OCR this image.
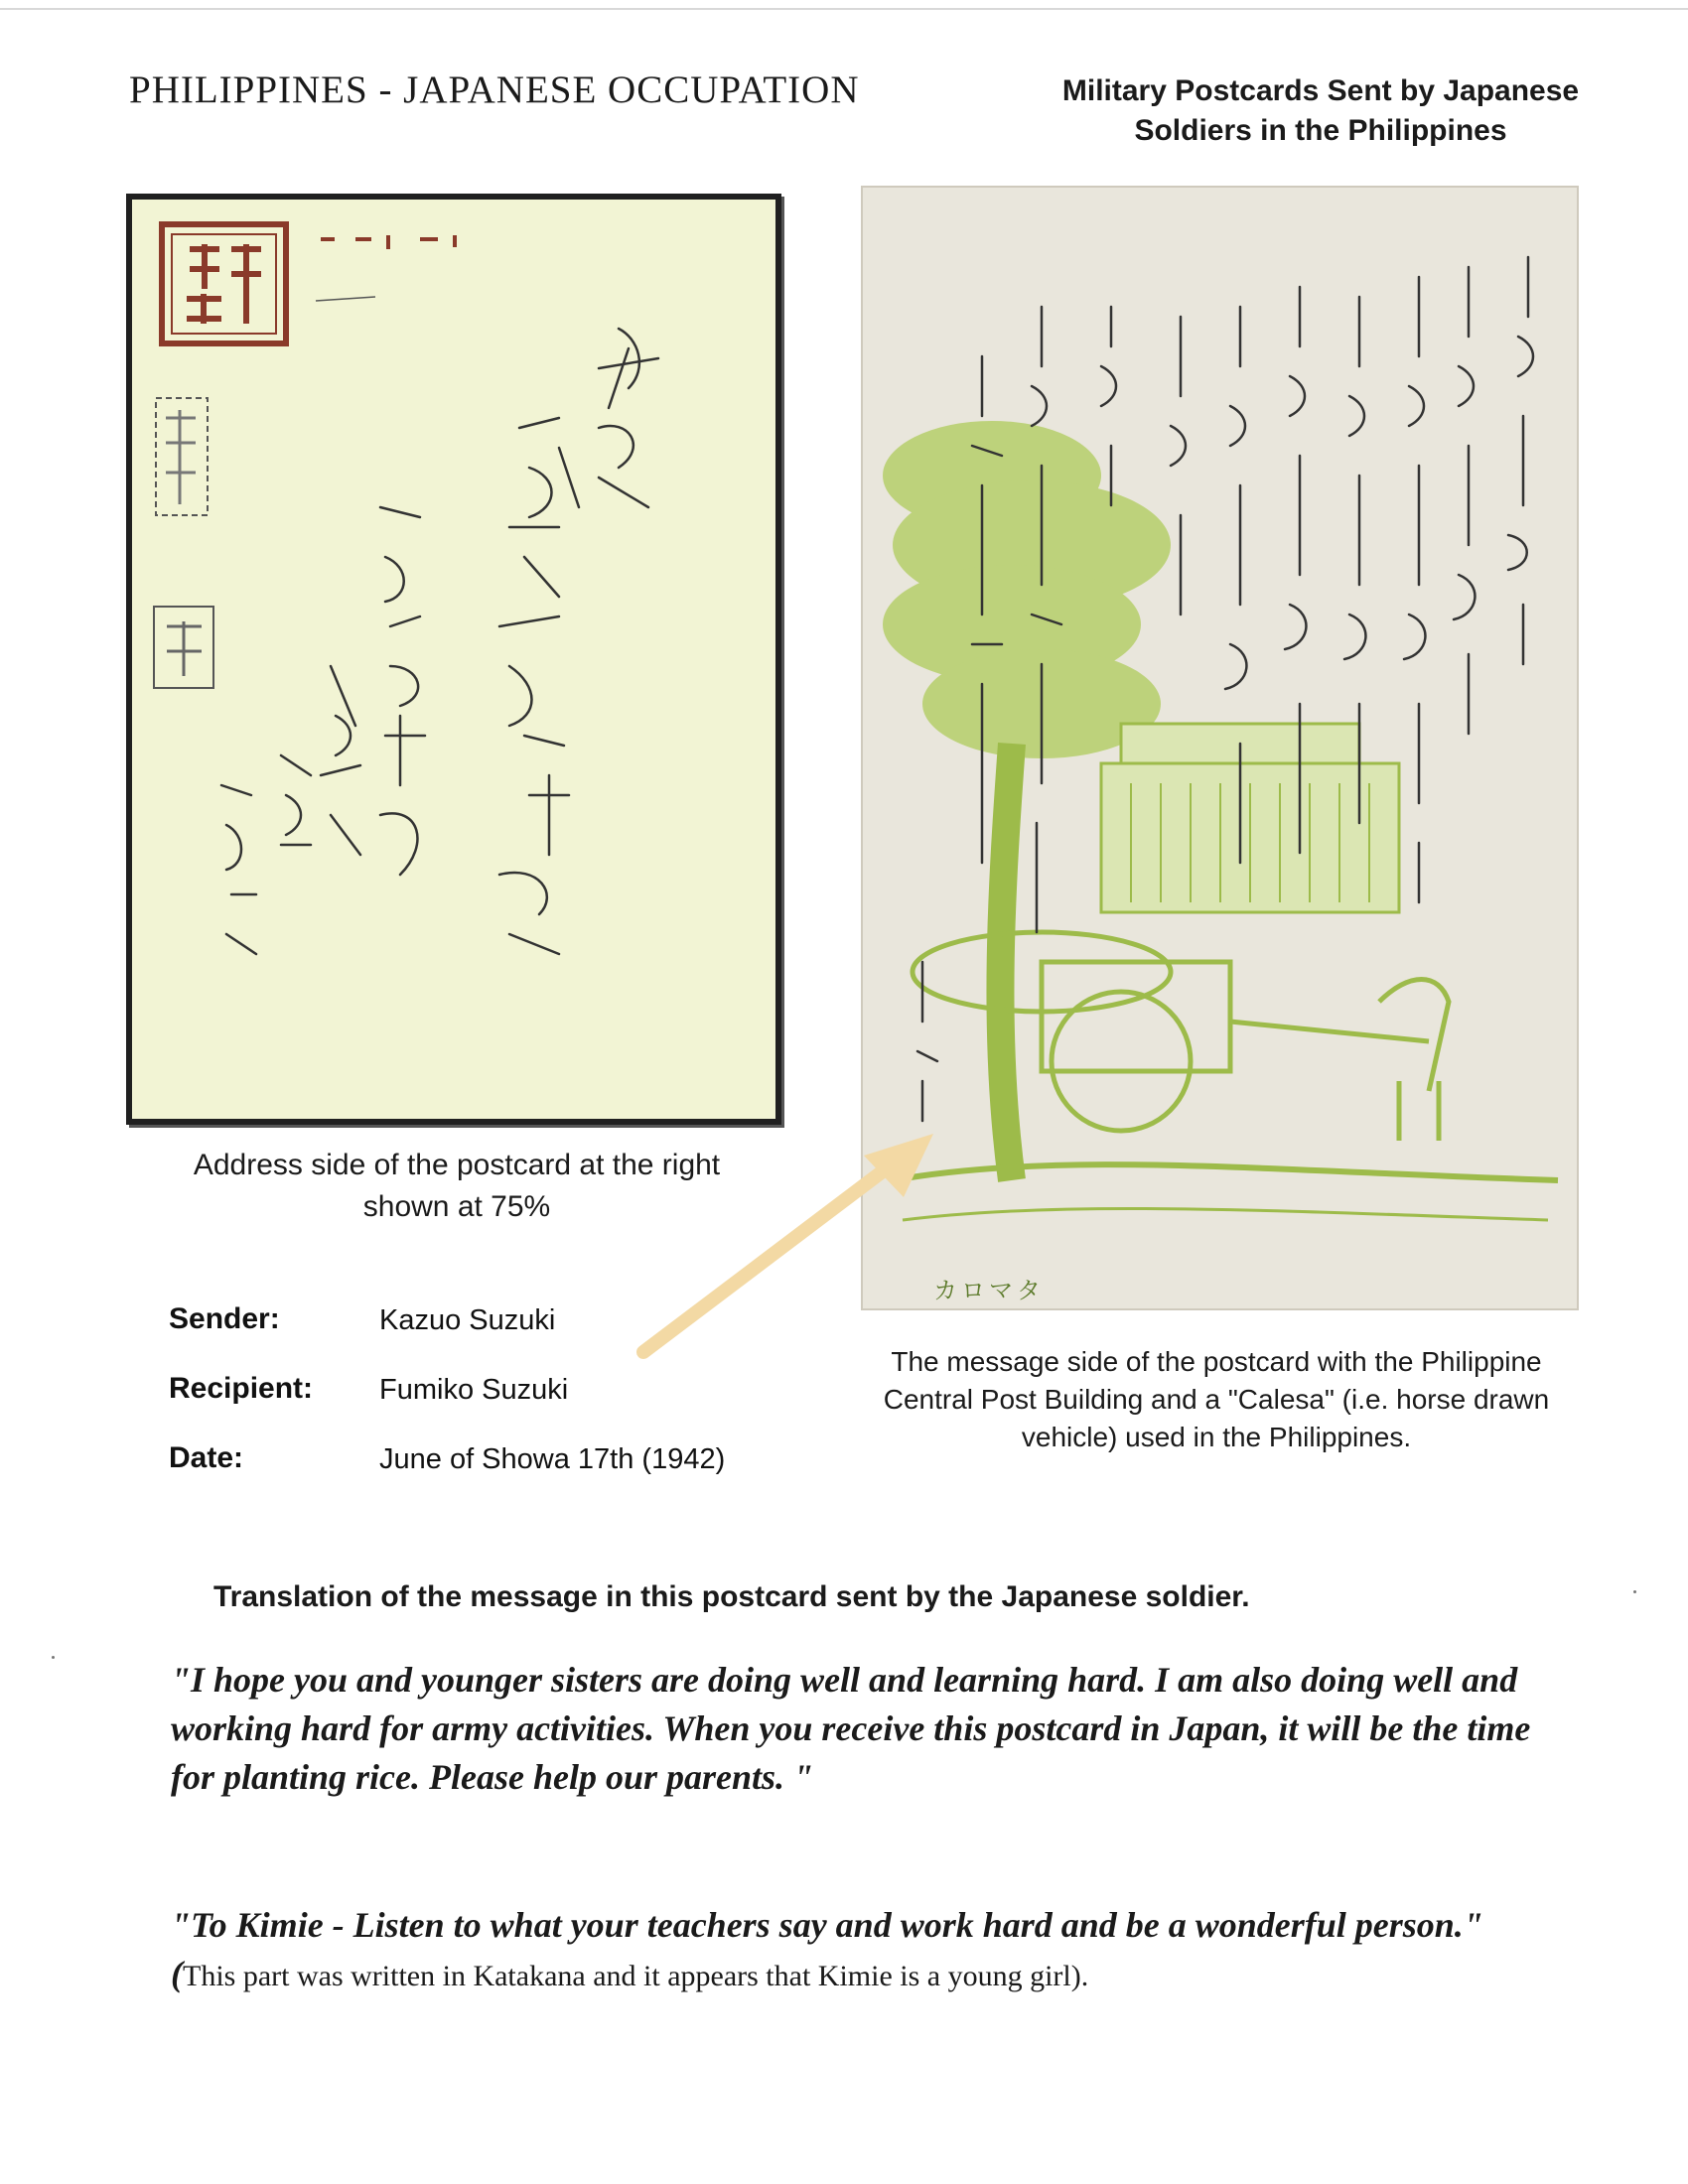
PHILIPPINES - JAPANESE OCCUPATION	Military Postcards Sent by Japanese
Soldiers in the Philippines
Address side of the postcard at the right
shown at 75%
カロマタ
The message side of the postcard with the Philippine
Central Post Building and a "Calesa" (i.e. horse drawn
vehicle) used in the Philippines.
Sender:	Kazuo Suzuki
Recipient: Fumiko Suzuki
Date:	June of Showa 17th (1942)
Translation of the message in this postcard sent by the Japanese soldier.
"I hope you and younger sisters are doing well and learning hard. I am also doing well and working hard for army activities. When you receive this postcard in Japan, it will be the time for planting rice. Please help our parents. "
"To Kimie - Listen to what your teachers say and work hard and be a wonderful person."   (This part was written in Katakana and it appears that Kimie is a young girl).
